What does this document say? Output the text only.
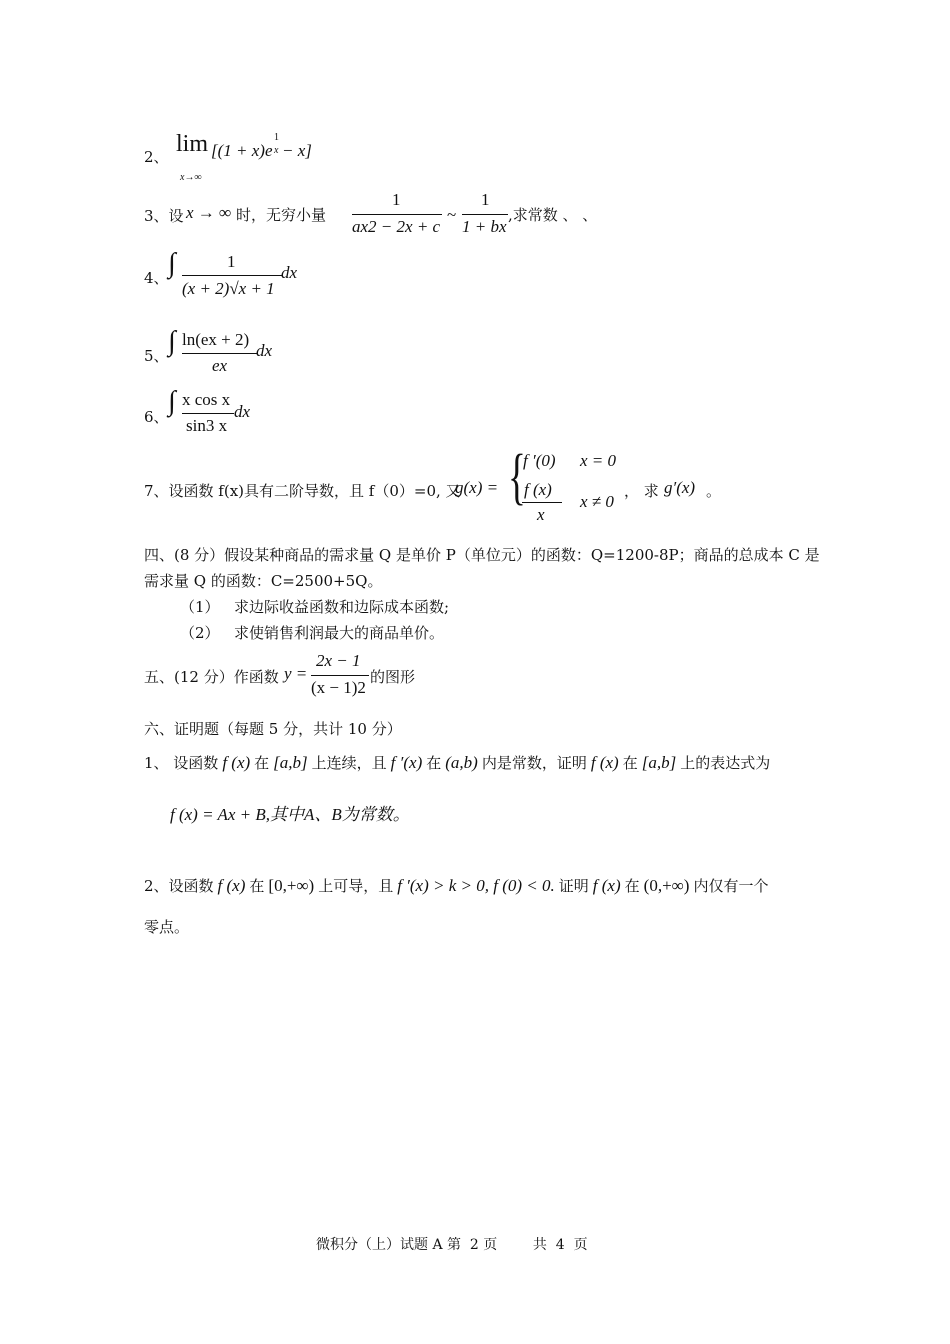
2、 lim [(1 + x)e
1
x − x]
x→∞
3、设 x → ∞ 时，无穷小量
1
ax2 − 2x + c
~
1
1 + bx
,求常数 、 、
4、 ∫	1
(x + 2)√x + 1
dx
5、 ∫ ln(ex + 2)
ex
dx
6、 ∫ x cos x
sin3 x
dx
7、设函数 f(x)具有二阶导数，且 f（0）=0, 又
g(x) = {
f ′(0) x = 0
f (x)
x
x ≠ 0
， 求 g′(x) 。
四、(8 分）假设某种商品的需求量 Q 是单价 P（单位元）的函数：Q=1200-8P；商品的总成本 C 是
需求量 Q 的函数：C=2500+5Q。
（1） 求边际收益函数和边际成本函数;
（2） 求使销售利润最大的商品单价。
五、(12 分）作函数 y =
2x − 1
(x − 1)2
的图形
六、证明题（每题 5 分，共计 10 分）
1、 设函数 f (x) 在 [a,b] 上连续，且 f ′(x) 在 (a,b) 内是常数，证明 f (x) 在 [a,b] 上的表达式为
f (x) = Ax + B,其中A、B为常数。
2、设函数 f (x) 在 [0,+∞) 上可导，且 f ′(x) > k > 0, f (0) < 0. 证明 f (x) 在 (0,+∞) 内仅有一个
零点。
微积分（上）试题 A 第  2 页        共  4  页
